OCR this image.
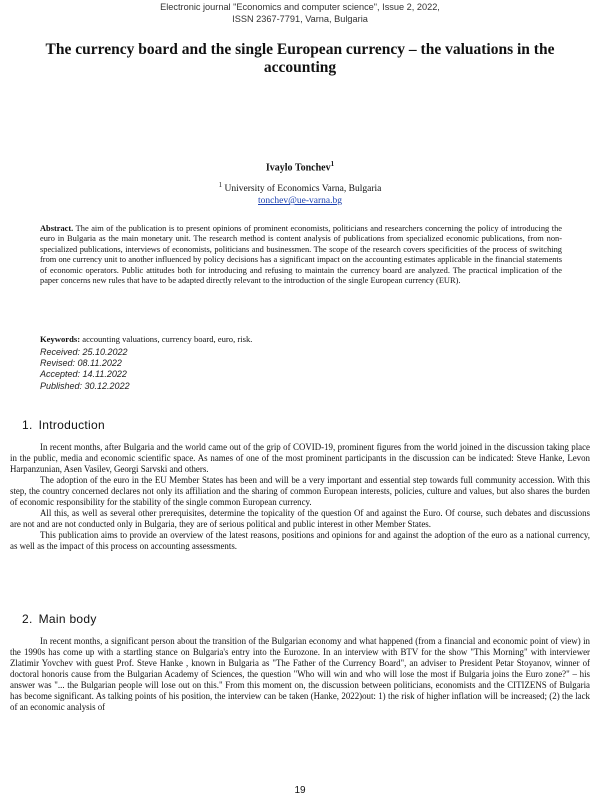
Electronic journal "Economics and computer science", Issue 2, 2022,
ISSN 2367-7791, Varna, Bulgaria
The currency board and the single European currency – the valuations in the accounting
Ivaylo Tonchev$^1$
$^1$ University of Economics Varna, Bulgaria
tonchev@ue-varna.bg
Abstract. The aim of the publication is to present opinions of prominent economists, politicians and researchers concerning the policy of introducing the euro in Bulgaria as the main monetary unit. The research method is content analysis of publications from specialized economic publications, from non-specialized publications, interviews of economists, politicians and businessmen. The scope of the research covers specificities of the process of switching from one currency unit to another influenced by policy decisions has a significant impact on the accounting estimates applicable in the financial statements of economic operators. Public attitudes both for introducing and refusing to maintain the currency board are analyzed. The practical implication of the paper concerns new rules that have to be adapted directly relevant to the introduction of the single European currency (EUR).
Keywords: accounting valuations, currency board, euro, risk.
Received: 25.10.2022
Revised: 08.11.2022
Accepted: 14.11.2022
Published: 30.12.2022
1. Introduction

In recent months, after Bulgaria and the world came out of the grip of COVID-19, prominent figures from the world joined in the discussion taking place in the public, media and economic scientific space. As names of one of the most prominent participants in the discussion can be indicated: Steve Hanke, Levon Harpanzunian, Asen Vasilev, Georgi Sarvski and others.

The adoption of the euro in the EU Member States has been and will be a very important and essential step towards full community accession. With this step, the country concerned declares not only its affiliation and the sharing of common European interests, policies, culture and values, but also shares the burden of economic responsibility for the stability of the single common European currency.

All this, as well as several other prerequisites, determine the topicality of the question Of and against the Euro. Of course, such debates and discussions are not and are not conducted only in Bulgaria, they are of serious political and public interest in other Member States.

This publication aims to provide an overview of the latest reasons, positions and opinions for and against the adoption of the euro as a national currency, as well as the impact of this process on accounting assessments.

2. Main body

In recent months, a significant person about the transition of the Bulgarian economy and what happened (from a financial and economic point of view) in the 1990s has come up with a startling stance on Bulgaria's entry into the Eurozone. In an interview with BTV for the show "This Morning" with interviewer Zlatimir Yovchev with guest Prof. Steve Hanke , known in Bulgaria as "The Father of the Currency Board", an adviser to President Petar Stoyanov, winner of doctoral honoris cause from the Bulgarian Academy of Sciences, the question "Who will win and who will lose the most if Bulgaria joins the Euro zone?" – his answer was "... the Bulgarian people will lose out on this." From this moment on, the discussion between politicians, economists and the CITIZENS of Bulgaria has become significant. As talking points of his position, the interview can be taken (Hanke, 2022)out: 1) the risk of higher inflation will be increased; (2) the lack of an economic analysis of

19
